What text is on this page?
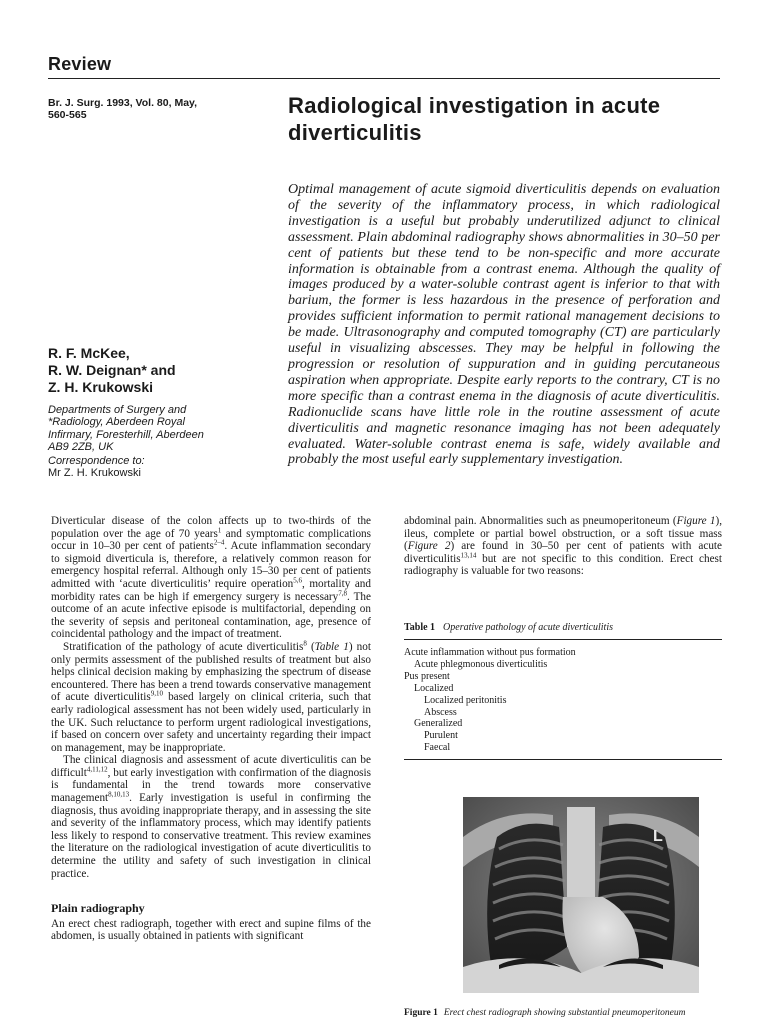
Review
Br. J. Surg. 1993, Vol. 80, May,
560-565	Radiological investigation in acute diverticulitis

Optimal management of acute sigmoid diverticulitis depends on evaluation of the severity of the inflammatory process, in which radiological investigation is a useful but probably underutilized adjunct to clinical assessment. Plain abdominal radiography shows abnormalities in 30–50 per cent of patients but these tend to be non-specific and more accurate information is obtainable from a contrast enema. Although the quality of images produced by a water-soluble contrast agent is inferior to that with barium, the former is less hazardous in the presence of perforation and provides sufficient information to permit rational management decisions to be made. Ultrasonography and computed tomography (CT) are particularly useful in visualizing abscesses. They may be helpful in following the progression or resolution of suppuration and in guiding percutaneous aspiration when appropriate. Despite early reports to the contrary, CT is no more specific than a contrast enema in the diagnosis of acute diverticulitis. Radionuclide scans have little role in the routine assessment of acute diverticulitis and magnetic resonance imaging has not been adequately evaluated. Water-soluble contrast enema is safe, widely available and probably the most useful early supplementary investigation.

R. F. McKee,
R. W. Deignan* and
Z. H. Krukowski
Departments of Surgery and
*Radiology, Aberdeen Royal
Infirmary, Foresterhill, Aberdeen
AB9 2ZB, UK
Correspondence to:
Mr Z. H. Krukowski

Diverticular disease of the colon affects up to two-thirds of the population over the age of 70 years$^1$ and symptomatic complications occur in 10–30 per cent of patients$^{2-4}$. Acute inflammation secondary to sigmoid diverticula is, therefore, a relatively common reason for emergency hospital referral. Although only 15–30 per cent of patients admitted with ‘acute diverticulitis’ require operation$^{5,6}$, mortality and morbidity rates can be high if emergency surgery is necessary$^{7,8}$. The outcome of an acute infective episode is multifactorial, depending on the severity of sepsis and peritoneal contamination, age, presence of coincidental pathology and the impact of treatment.

Stratification of the pathology of acute diverticulitis$^8$ (Table 1) not only permits assessment of the published results of treatment but also helps clinical decision making by emphasizing the spectrum of disease encountered. There has been a trend towards conservative management of acute diverticulitis$^{9,10}$ based largely on clinical criteria, such that early radiological assessment has not been widely used, particularly in the UK. Such reluctance to perform urgent radiological investigations, if based on concern over safety and uncertainty regarding their impact on management, may be inappropriate.

The clinical diagnosis and assessment of acute diverticulitis can be difficult$^{4,11,12}$, but early investigation with confirmation of the diagnosis is fundamental in the trend towards more conservative management$^{8,10,13}$. Early investigation is useful in confirming the diagnosis, thus avoiding inappropriate therapy, and in assessing the site and severity of the inflammatory process, which may identify patients less likely to respond to conservative treatment. This review examines the literature on the radiological investigation of acute diverticulitis to determine the utility and safety of such investigation in clinical practice.

Plain radiography

An erect chest radiograph, together with erect and supine films of the abdomen, is usually obtained in patients with significant

abdominal pain. Abnormalities such as pneumoperitoneum (Figure 1), ileus, complete or partial bowel obstruction, or a soft tissue mass (Figure 2) are found in 30–50 per cent of patients with acute diverticulitis$^{13,14}$ but are not specific to this condition. Erect chest radiography is valuable for two reasons:

Table 1 Operative pathology of acute diverticulitis
Acute inflammation without pus formation
Acute phlegmonous diverticulitis
Pus present
Localized
Localized peritonitis
Abscess
Generalized
Purulent
Faecal
L
Figure 1 Erect chest radiograph showing substantial pneumoperitoneum
